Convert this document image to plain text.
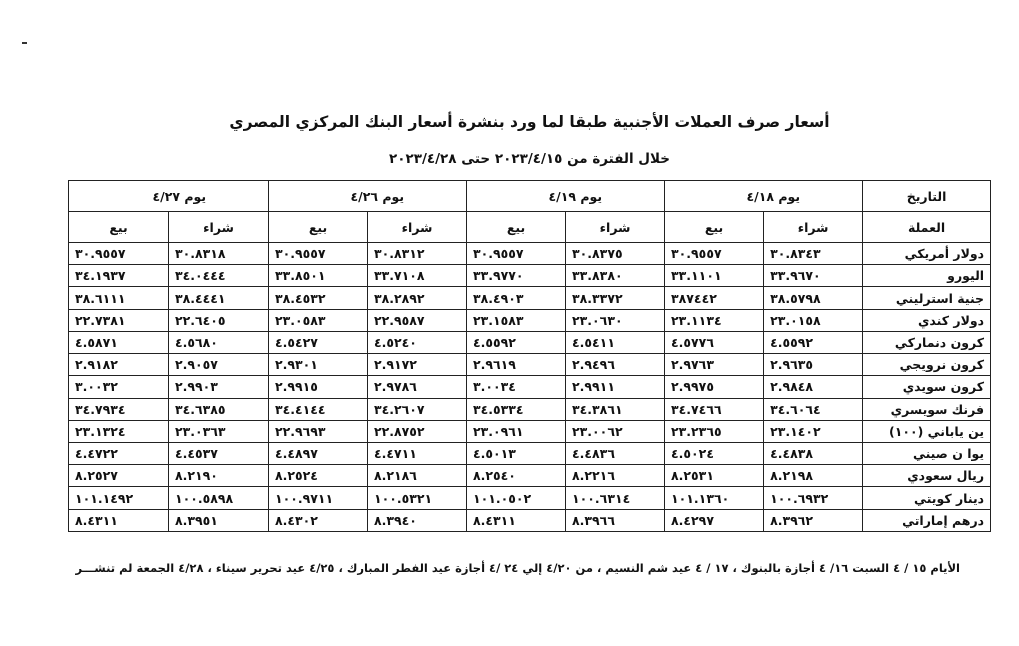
أسعار صرف العملات الأجنبية طبقا لما ورد بنشرة أسعار البنك المركزي المصري
خلال الفترة من ٢٠٢٣/٤/١٥ حتى ٢٠٢٣/٤/٢٨
التاريخ	يوم ٤/١٨		يوم ٤/١٩		يوم ٤/٢٦		يوم ٤/٢٧	
العملة	شراء	بيع	شراء	بيع	شراء	بيع	شراء	بيع
دولار أمريكي	٣٠.٨٣٤٣	٣٠.٩٥٥٧	٣٠.٨٣٧٥	٣٠.٩٥٥٧	٣٠.٨٣١٢	٣٠.٩٥٥٧	٣٠.٨٣١٨	٣٠.٩٥٥٧
اليورو	٣٣.٩٦٧٠	٣٣.١١٠١	٣٣.٨٣٨٠	٣٣.٩٧٧٠	٣٣.٧١٠٨	٣٣.٨٥٠١	٣٤.٠٤٤٤	٣٤.١٩٣٧
جنية استرليني	٣٨.٥٧٩٨	٣٨٧٤٤٢	٣٨.٣٣٧٢	٣٨.٤٩٠٣	٣٨.٢٨٩٢	٣٨.٤٥٣٢	٣٨.٤٤٤١	٣٨.٦١١١
دولار كندي	٢٣.٠١٥٨	٢٣.١١٣٤	٢٣.٠٦٣٠	٢٣.١٥٨٣	٢٢.٩٥٨٧	٢٣.٠٥٨٣	٢٢.٦٤٠٥	٢٢.٧٣٨١
كرون دنماركي	٤.٥٥٩٢	٤.٥٧٧٦	٤.٥٤١١	٤.٥٥٩٢	٤.٥٢٤٠	٤.٥٤٢٧	٤.٥٦٨٠	٤.٥٨٧١
كرون نرويجي	٢.٩٦٣٥	٢.٩٧٦٣	٢.٩٤٩٦	٢.٩٦١٩	٢.٩١٧٢	٢.٩٣٠١	٢.٩٠٥٧	٢.٩١٨٢
كرون سويدي	٢.٩٨٤٨	٢.٩٩٧٥	٢.٩٩١١	٣.٠٠٣٤	٢.٩٧٨٦	٢.٩٩١٥	٢.٩٩٠٣	٣.٠٠٣٢
فرنك سويسري	٣٤.٦٠٦٤	٣٤.٧٤٦٦	٣٤.٣٨٦١	٣٤.٥٣٣٤	٣٤.٢٦٠٧	٣٤.٤١٤٤	٣٤.٦٣٨٥	٣٤.٧٩٣٤
ين ياباني (١٠٠)	٢٣.١٤٠٢	٢٣.٢٣٦٥	٢٣.٠٠٦٢	٢٣.٠٩٦١	٢٢.٨٧٥٢	٢٢.٩٦٩٣	٢٣.٠٣٦٣	٢٣.١٣٢٤
يوا ن صيني	٤.٤٨٣٨	٤.٥٠٢٤	٤.٤٨٣٦	٤.٥٠١٣	٤.٤٧١١	٤.٤٨٩٧	٤.٤٥٣٧	٤.٤٧٢٢
ريال سعودي	٨.٢١٩٨	٨.٢٥٣١	٨.٢٢١٦	٨.٢٥٤٠	٨.٢١٨٦	٨.٢٥٢٤	٨.٢١٩٠	٨.٢٥٢٧
دينار كويتي	١٠٠.٦٩٣٢	١٠١.١٣٦٠	١٠٠.٦٣١٤	١٠١.٠٥٠٢	١٠٠.٥٣٢١	١٠٠.٩٧١١	١٠٠.٥٨٩٨	١٠١.١٤٩٢
درهم إماراتي	٨.٣٩٦٢	٨.٤٢٩٧	٨.٣٩٦٦	٨.٤٣١١	٨.٣٩٤٠	٨.٤٣٠٢	٨.٣٩٥١	٨.٤٣١١
الأيام ١٥ / ٤ السبت ١٦/ ٤ أجازة بالبنوك ، ١٧ / ٤ عيد شم النسيم ، من ٤/٢٠ إلي ٢٤ /٤ أجازة عيد الفطر المبارك ، ٤/٢٥ عيد تحرير سيناء ، ٤/٢٨ الجمعة لم تنشـــر
